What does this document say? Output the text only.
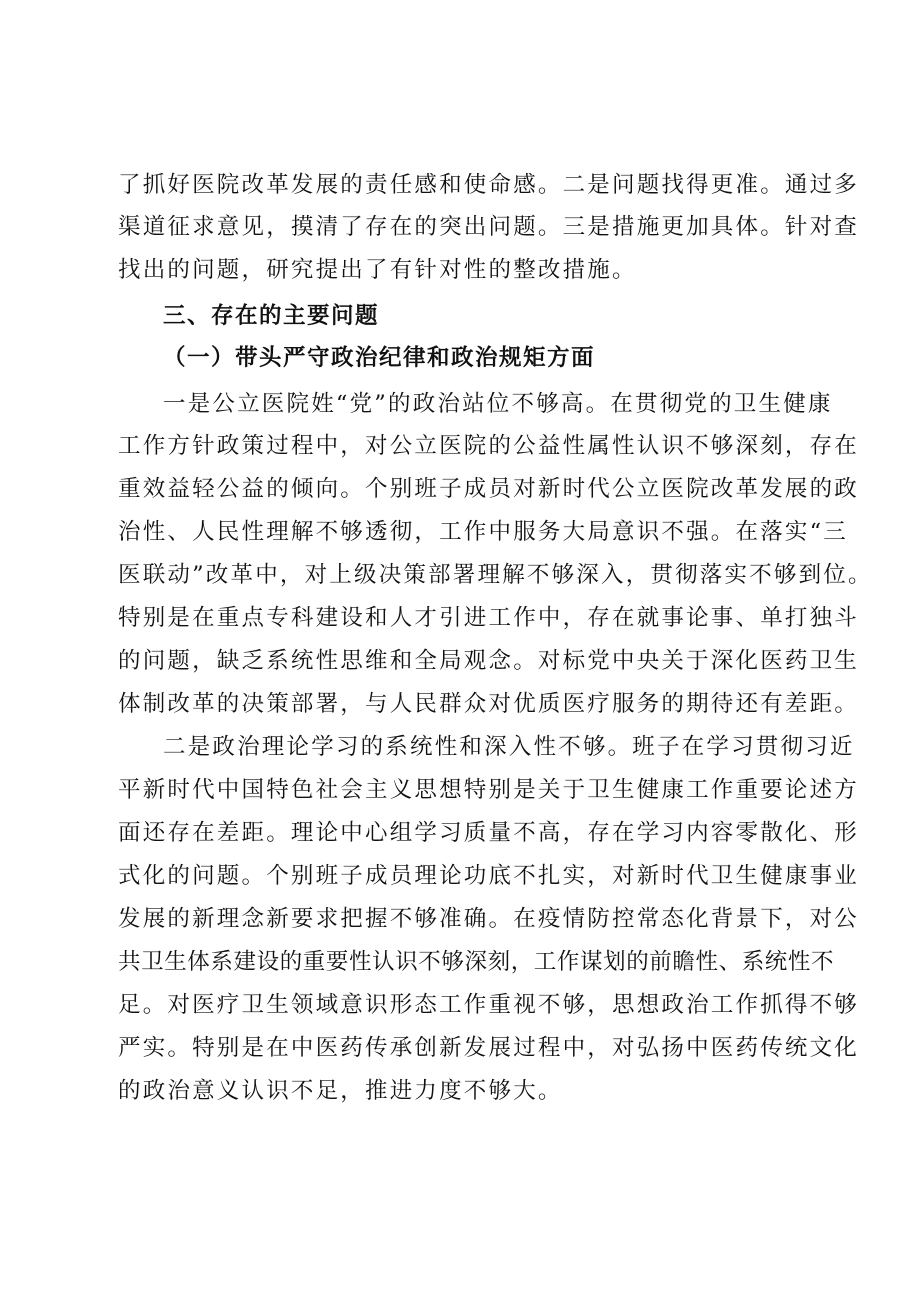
了抓好医院改革发展的责任感和使命感。二是问题找得更准。通过多
渠道征求意见，摸清了存在的突出问题。三是措施更加具体。针对查
找出的问题，研究提出了有针对性的整改措施。
三、存在的主要问题
（一）带头严守政治纪律和政治规矩方面
一是公立医院姓“党”的政治站位不够高。在贯彻党的卫生健康
工作方针政策过程中，对公立医院的公益性属性认识不够深刻，存在
重效益轻公益的倾向。个别班子成员对新时代公立医院改革发展的政
治性、人民性理解不够透彻，工作中服务大局意识不强。在落实“三
医联动”改革中，对上级决策部署理解不够深入，贯彻落实不够到位。
特别是在重点专科建设和人才引进工作中，存在就事论事、单打独斗
的问题，缺乏系统性思维和全局观念。对标党中央关于深化医药卫生
体制改革的决策部署，与人民群众对优质医疗服务的期待还有差距。
二是政治理论学习的系统性和深入性不够。班子在学习贯彻习近
平新时代中国特色社会主义思想特别是关于卫生健康工作重要论述方
面还存在差距。理论中心组学习质量不高，存在学习内容零散化、形
式化的问题。个别班子成员理论功底不扎实，对新时代卫生健康事业
发展的新理念新要求把握不够准确。在疫情防控常态化背景下，对公
共卫生体系建设的重要性认识不够深刻，工作谋划的前瞻性、系统性不
足。对医疗卫生领域意识形态工作重视不够，思想政治工作抓得不够
严实。特别是在中医药传承创新发展过程中，对弘扬中医药传统文化
的政治意义认识不足，推进力度不够大。
